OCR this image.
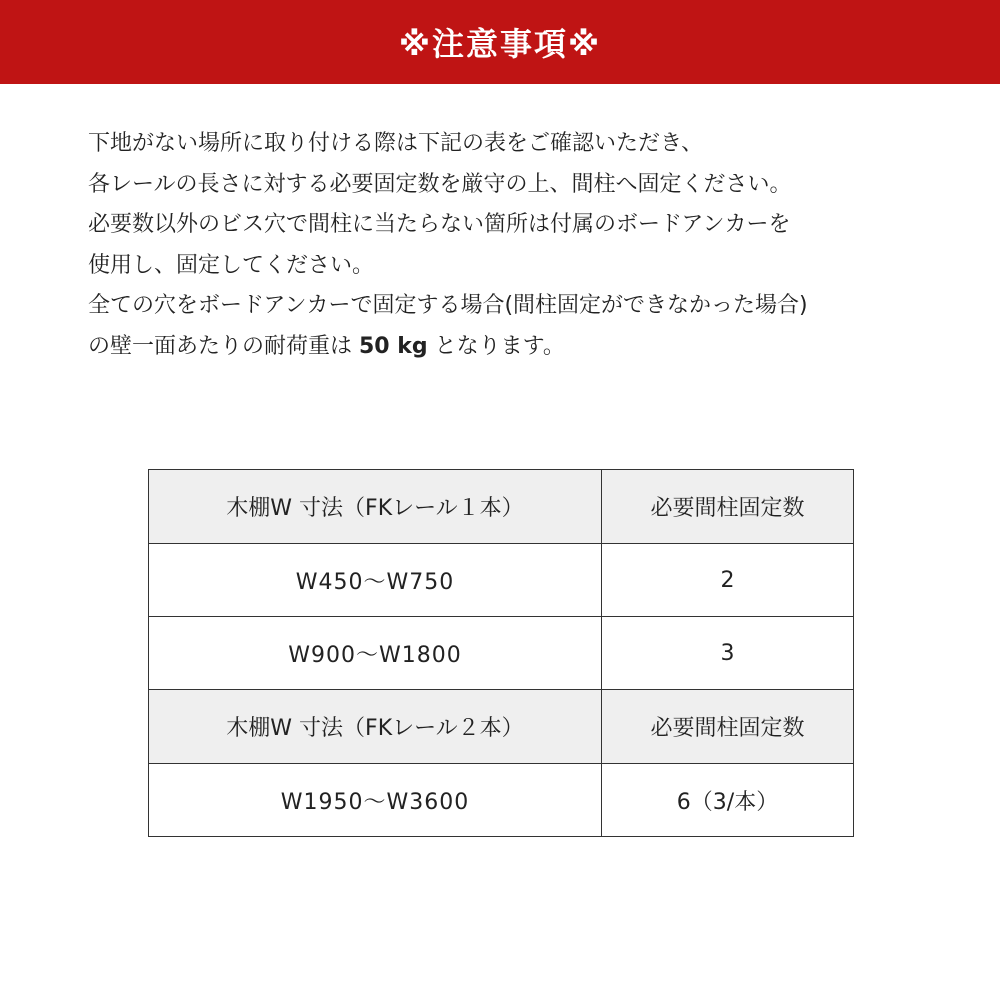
※注意事項※

下地がない場所に取り付ける際は下記の表をご確認いただき、

各レールの長さに対する必要固定数を厳守の上、間柱へ固定ください。

必要数以外のビス穴で間柱に当たらない箇所は付属のボードアンカーを

使用し、固定してください。

全ての穴をボードアンカーで固定する場合(間柱固定ができなかった場合)

の壁一面あたりの耐荷重は 50 kg となります。

木棚W 寸法（FKレール１本）	必要間柱固定数
W450〜W750	2
W900〜W1800	3
木棚W 寸法（FKレール２本）	必要間柱固定数
W1950〜W3600	6（3/本）
